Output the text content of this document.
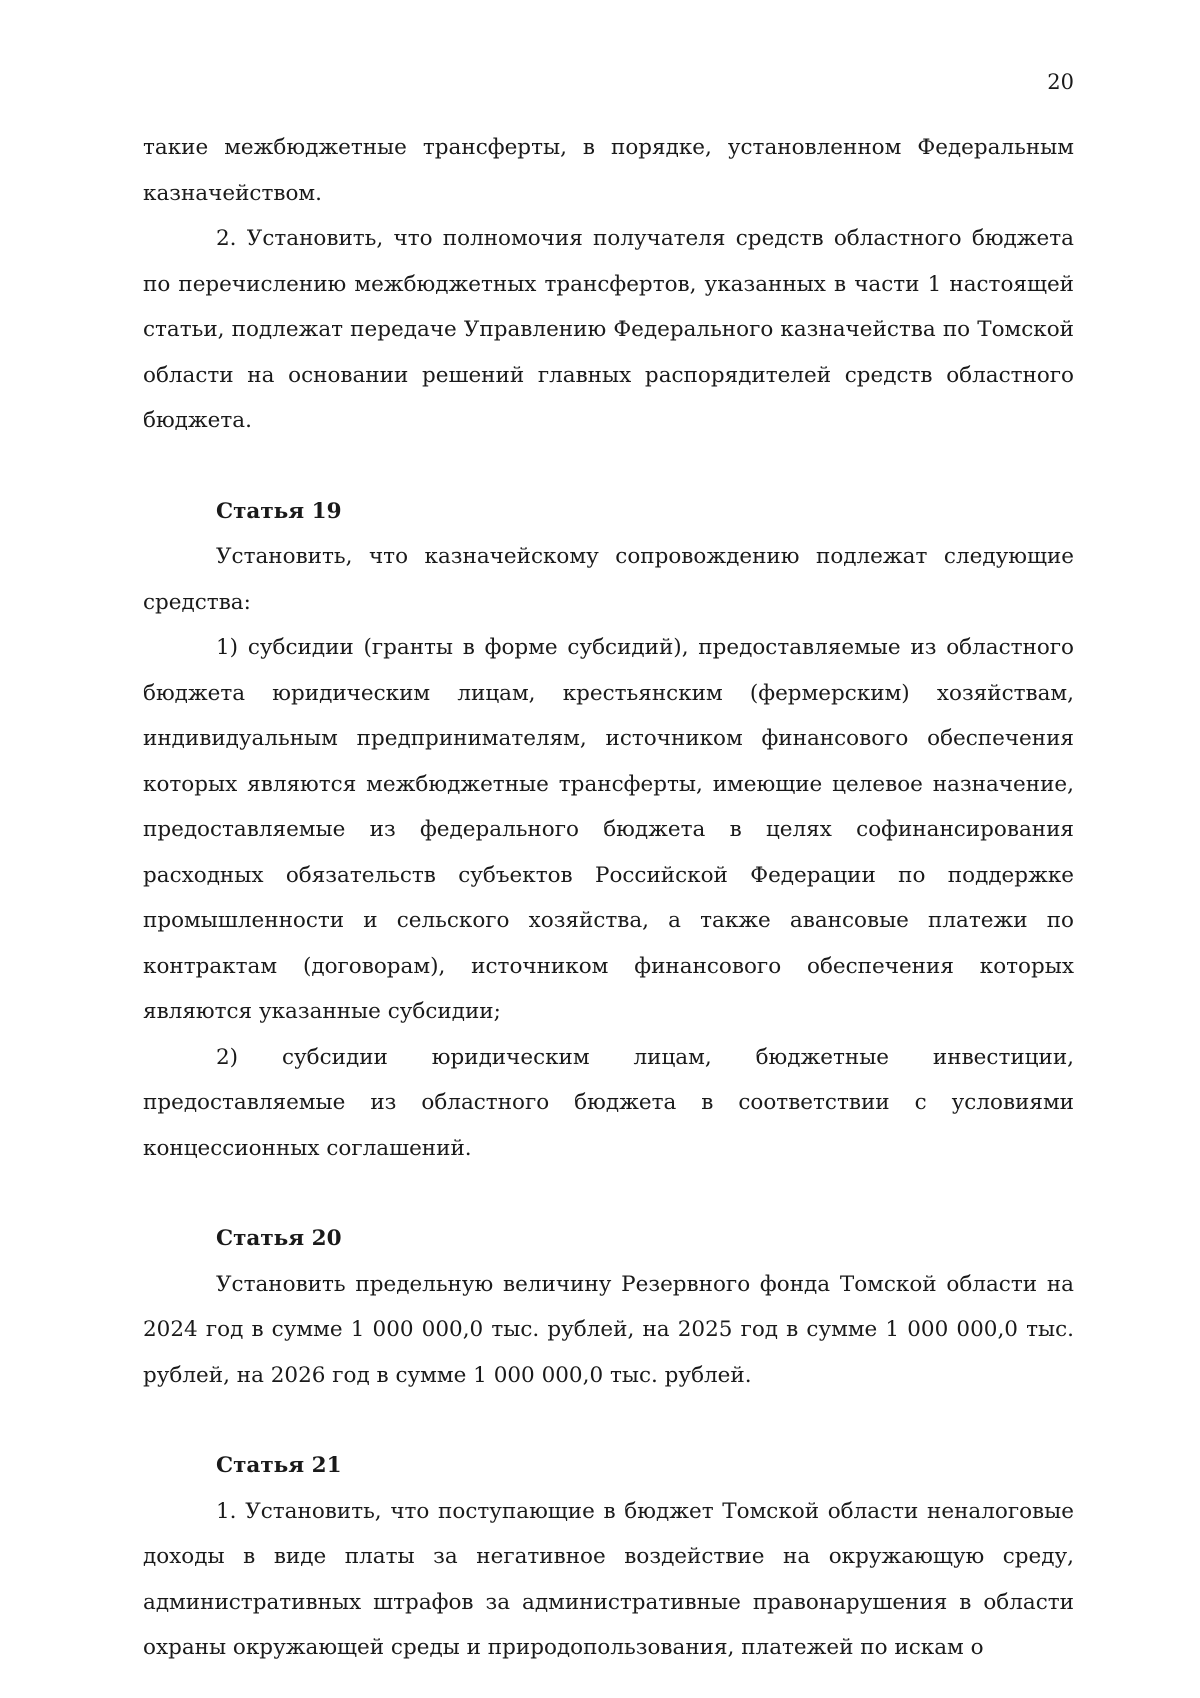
20

такие межбюджетные трансферты, в порядке, установленном Федеральным казначейством.

2. Установить, что полномочия получателя средств областного бюджета по перечислению межбюджетных трансфертов, указанных в части 1 настоящей статьи, подлежат передаче Управлению Федерального казначейства по Томской области на основании решений главных распорядителей средств областного бюджета.

Статья 19

Установить, что казначейскому сопровождению подлежат следующие средства:

1) субсидии (гранты в форме субсидий), предоставляемые из областного бюджета юридическим лицам, крестьянским (фермерским) хозяйствам, индивидуальным предпринимателям, источником финансового обеспечения которых являются межбюджетные трансферты, имеющие целевое назначение, предоставляемые из федерального бюджета в целях софинансирования расходных обязательств субъектов Российской Федерации по поддержке промышленности и сельского хозяйства, а также авансовые платежи по контрактам (договорам), источником финансового обеспечения которых являются указанные субсидии;

2) субсидии юридическим лицам, бюджетные инвестиции, предоставляемые из областного бюджета в соответствии с условиями концессионных соглашений.

Статья 20

Установить предельную величину Резервного фонда Томской области на 2024 год в сумме 1 000 000,0 тыс. рублей, на 2025 год в сумме 1 000 000,0 тыс. рублей, на 2026 год в сумме 1 000 000,0 тыс. рублей.

Статья 21

1. Установить, что поступающие в бюджет Томской области неналоговые доходы в виде платы за негативное воздействие на окружающую среду, административных штрафов за административные правонарушения в области охраны окружающей среды и природопользования, платежей по искам о
